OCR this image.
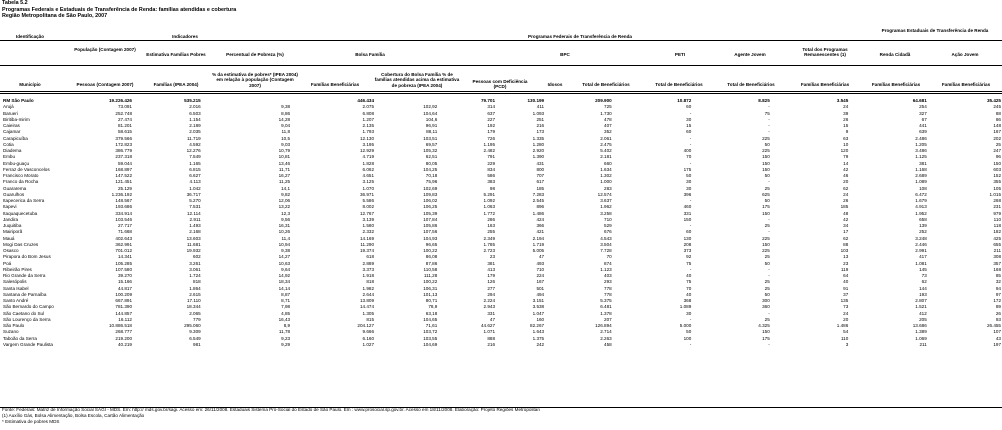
Tabela 5.2
Programas Federais e Estaduais de Transferência de Renda: famílias atendidas e cobertura
Região Metropolitana de São Paulo, 2007
Identificação	Indicadores	Programas Federais de Transferência de Renda
Programas Estaduais de Transferência de Renda
População (Contagem 2007)
Estimativa Famílias Pobres	Percentual de Pobreza (%)	Bolsa Família	BPC	PETI	Agente Jovem
Total dos Programas Remanescentes (1)	Renda Cidadã	Ação Jovem
Município	Pessoas (Contagem 2007)	Famílias (IPEA 2004)
% da estimativa de pobres* (IPEA 2004) em relação à população (Contagem 2007)	Famílias Beneficiárias
Cobertura do Bolsa Família % de famílias atendidas acima da estimativa de pobreza (IPEA 2004)
Pessoas com Deficiência (PCD)	Idosos	Total de Beneficiários	Total de Beneficiários	Total de Beneficiários	Famílias Beneficiárias	Famílias Beneficiárias	Famílias Beneficiárias
RM São Paulo	19.226.426	535.215		446.434		79.701	130.199	209.900	10.872	8.825	3.545	64.681	35.425
Arujá	73.091	2.016	9,38	2.075	102,92	314	411	725	60	-	24	254	245
Barueri	252.748	6.503	8,86	6.808	104,64	637	1.093	1.730	-	75	39	327	88
Biritiba-mirim	27.474	1.154	14,28	1.207	104,6	227	251	478	30	-	26	67	86
Caieiras	81.201	2.189	9,04	2.135	96,91	192	216	407	15	-	15	441	148
Cajamar	58.615	2.035	11,8	1.793	88,11	179	173	352	60	-	9	639	167
Carapicuíba	379.566	11.719	10,5	12.130	103,51	726	1.335	2.061	-	225	63	2.486	202
Cotia	172.823	4.592	9,03	3.195	69,57	1.195	1.280	2.475	-	50	10	1.205	25
Diadema	386.779	12.276	10,79	12.929	105,32	2.482	2.920	5.402	400	225	120	3.486	247
Embu	237.318	7.549	10,81	4.719	62,51	791	1.390	2.181	70	150	79	1.125	96
Embu-guaçu	59.044	1.165	13,46	1.828	80,05	229	431	660	-	150	14	381	150
Ferraz de Vasconcelos	168.897	6.815	11,71	6.062	104,25	834	800	1.634	175	150	42	1.168	603
Francisco Morato	147.522	6.627	16,27	4.651	70,18	586	707	1.302	50	50	46	2.689	152
Franco da Rocha	121.451	4.113	11,25	3.125	75,96	383	617	1.000	30	-	20	1.089	355
Guararema	25.129	1.042	14,1	1.070	102,69	98	185	283	30	25	62	108	105
Guarulhos	1.236.192	36.717	9,82	36.971	109,83	5.291	7.283	12.574	396	625	24	6.472	1.015
Itapecerica da Serra	148.567	5.270	12,06	5.586	106,02	1.092	2.545	3.637	-	50	26	1.679	268
Itapevi	193.686	7.531	13,22	8.002	106,25	1.063	896	1.962	460	175	185	4.913	231
Itaquaquecetuba	334.914	12.114	12,3	12.767	105,39	1.772	1.486	3.258	331	150	48	1.952	979
Jandira	103.546	2.911	9,56	3.139	107,84	286	424	710	150	-	42	658	110
Juquitiba	27.717	1.493	16,31	1.580	105,86	163	366	529	-	25	34	139	118
Mairiporã	71.668	2.168	10,26	2.332	107,56	255	421	676	60	-	17	252	182
Mauá	402.643	13.603	11,4	14.169	104,93	2.349	2.194	4.543	130	225	62	3.248	425
Mogi Das Cruzes	362.991	11.681	10,94	11.290	96,65	1.785	1.719	3.504	208	150	88	2.446	655
Osasco	701.012	19.932	9,38	19.374	100,22	2.723	5.005	7.728	373	225	103	2.991	211
Pirapora do Bom Jesus	14.341	602	14,27	618	86,08	23	47	70	92	25	13	417	308
Poá	105.285	3.261	10,63	2.889	87,86	381	493	874	75	50	23	1.081	357
Ribeirão Pires	107.580	3.061	9,64	3.373	110,58	413	710	1.123	-	-	119	145	168
Rio Grande da Serra	39.270	1.724	14,92	1.918	111,28	179	224	403	40	-	64	73	85
Salesópolis	15.166	818	18,34	818	100,22	126	167	293	75	25	40	62	32
Santa Isabel	44.817	1.864	14,14	1.982	106,31	277	501	778	70	25	91	144	94
Santana de Parnaíba	100.209	2.615	8,87	2.644	101,13	294	494	778	40	50	37	193	97
Santo André	667.891	17.110	8,71	13.809	80,71	2.224	3.151	5.375	368	300	135	2.807	172
São Bernardo do Campo	781.390	18.344	7,98	14.474	78,9	2.943	3.538	6.481	1.089	360	73	1.521	89
São Caetano do Sul	144.857	2.065	4,85	1.305	63,18	331	1.047	1.378	30	-	24	412	26
São Lourenço da Serra	16.112	779	16,43	815	104,65	47	160	207	-	25	20	205	93
São Paulo	10.886.518	295.060	8,9	204.127	71,61	44.627	82.267	126.894	5.000	4.325	1.486	13.686	26.455
Suzano	268.777	9.309	11,78	9.666	103,72	1.071	1.643	2.714	50	150	54	1.389	107
Taboão da Serra	219.200	6.549	9,23	6.160	103,55	888	1.375	2.263	100	175	110	1.069	43
Vargem Grande Paulista	40.219	981	9,29	1.027	104,69	216	242	458	-	-	3	211	197
Fonte: Federais: Matriz de Informação Social SAGI - MDS. Em: http:// mds.gov.br/sagi. Acesso em: 26/11/2008. Estaduais Sistema Pró-Social do Estado de São Paulo. Em : www.prosocial.sp.gov.br. Acesso em 18/11/2008. Elaboração: Projeto Regiões Metropolitan
(1) Auxílio Gás, Bolsa Alimentação, Bolsa Escola, Cartão Alimentação
* Estimativa de pobres MDS
